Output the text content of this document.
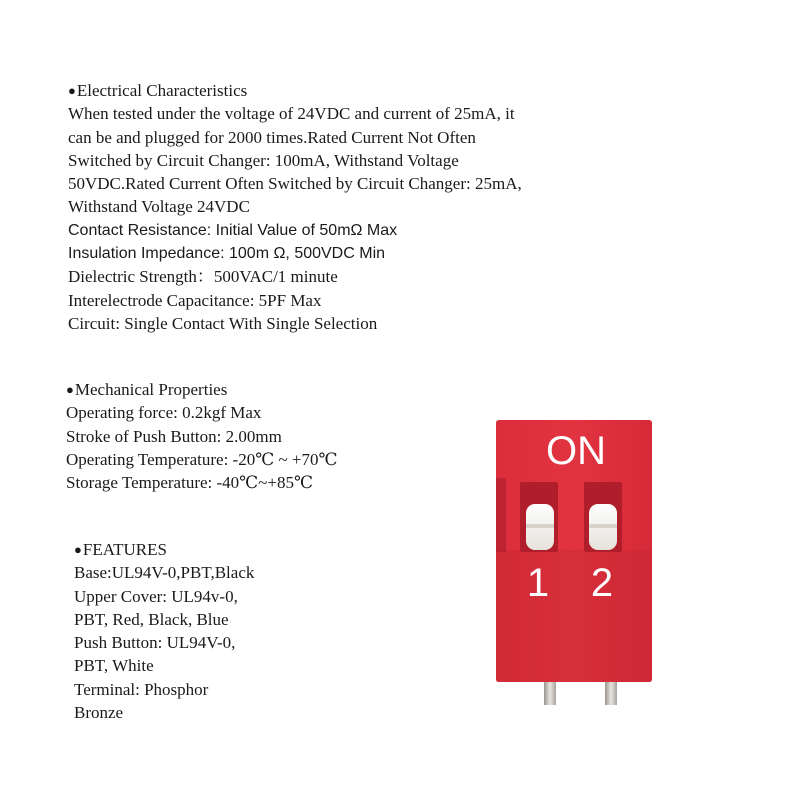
●Electrical Characteristics
When tested under the voltage of 24VDC and current of 25mA, it
can be and plugged for 2000 times.Rated Current Not Often
Switched by Circuit Changer: 100mA, Withstand Voltage
50VDC.Rated Current Often Switched by Circuit Changer: 25mA,
Withstand Voltage 24VDC
Contact Resistance: Initial Value of 50mΩ Max
Insulation Impedance: 100m Ω, 500VDC Min
Dielectric Strength：500VAC/1 minute
Interelectrode Capacitance: 5PF Max
Circuit: Single Contact With Single Selection
●Mechanical Properties
Operating force: 0.2kgf Max
Stroke of Push Button: 2.00mm
Operating Temperature: -20℃ ~ +70℃
Storage Temperature: -40℃~+85℃
●FEATURES
Base:UL94V-0,PBT,Black
Upper Cover: UL94v-0,
PBT, Red, Black, Blue
Push Button: UL94V-0,
PBT, White
Terminal: Phosphor
Bronze
ON
1 2
